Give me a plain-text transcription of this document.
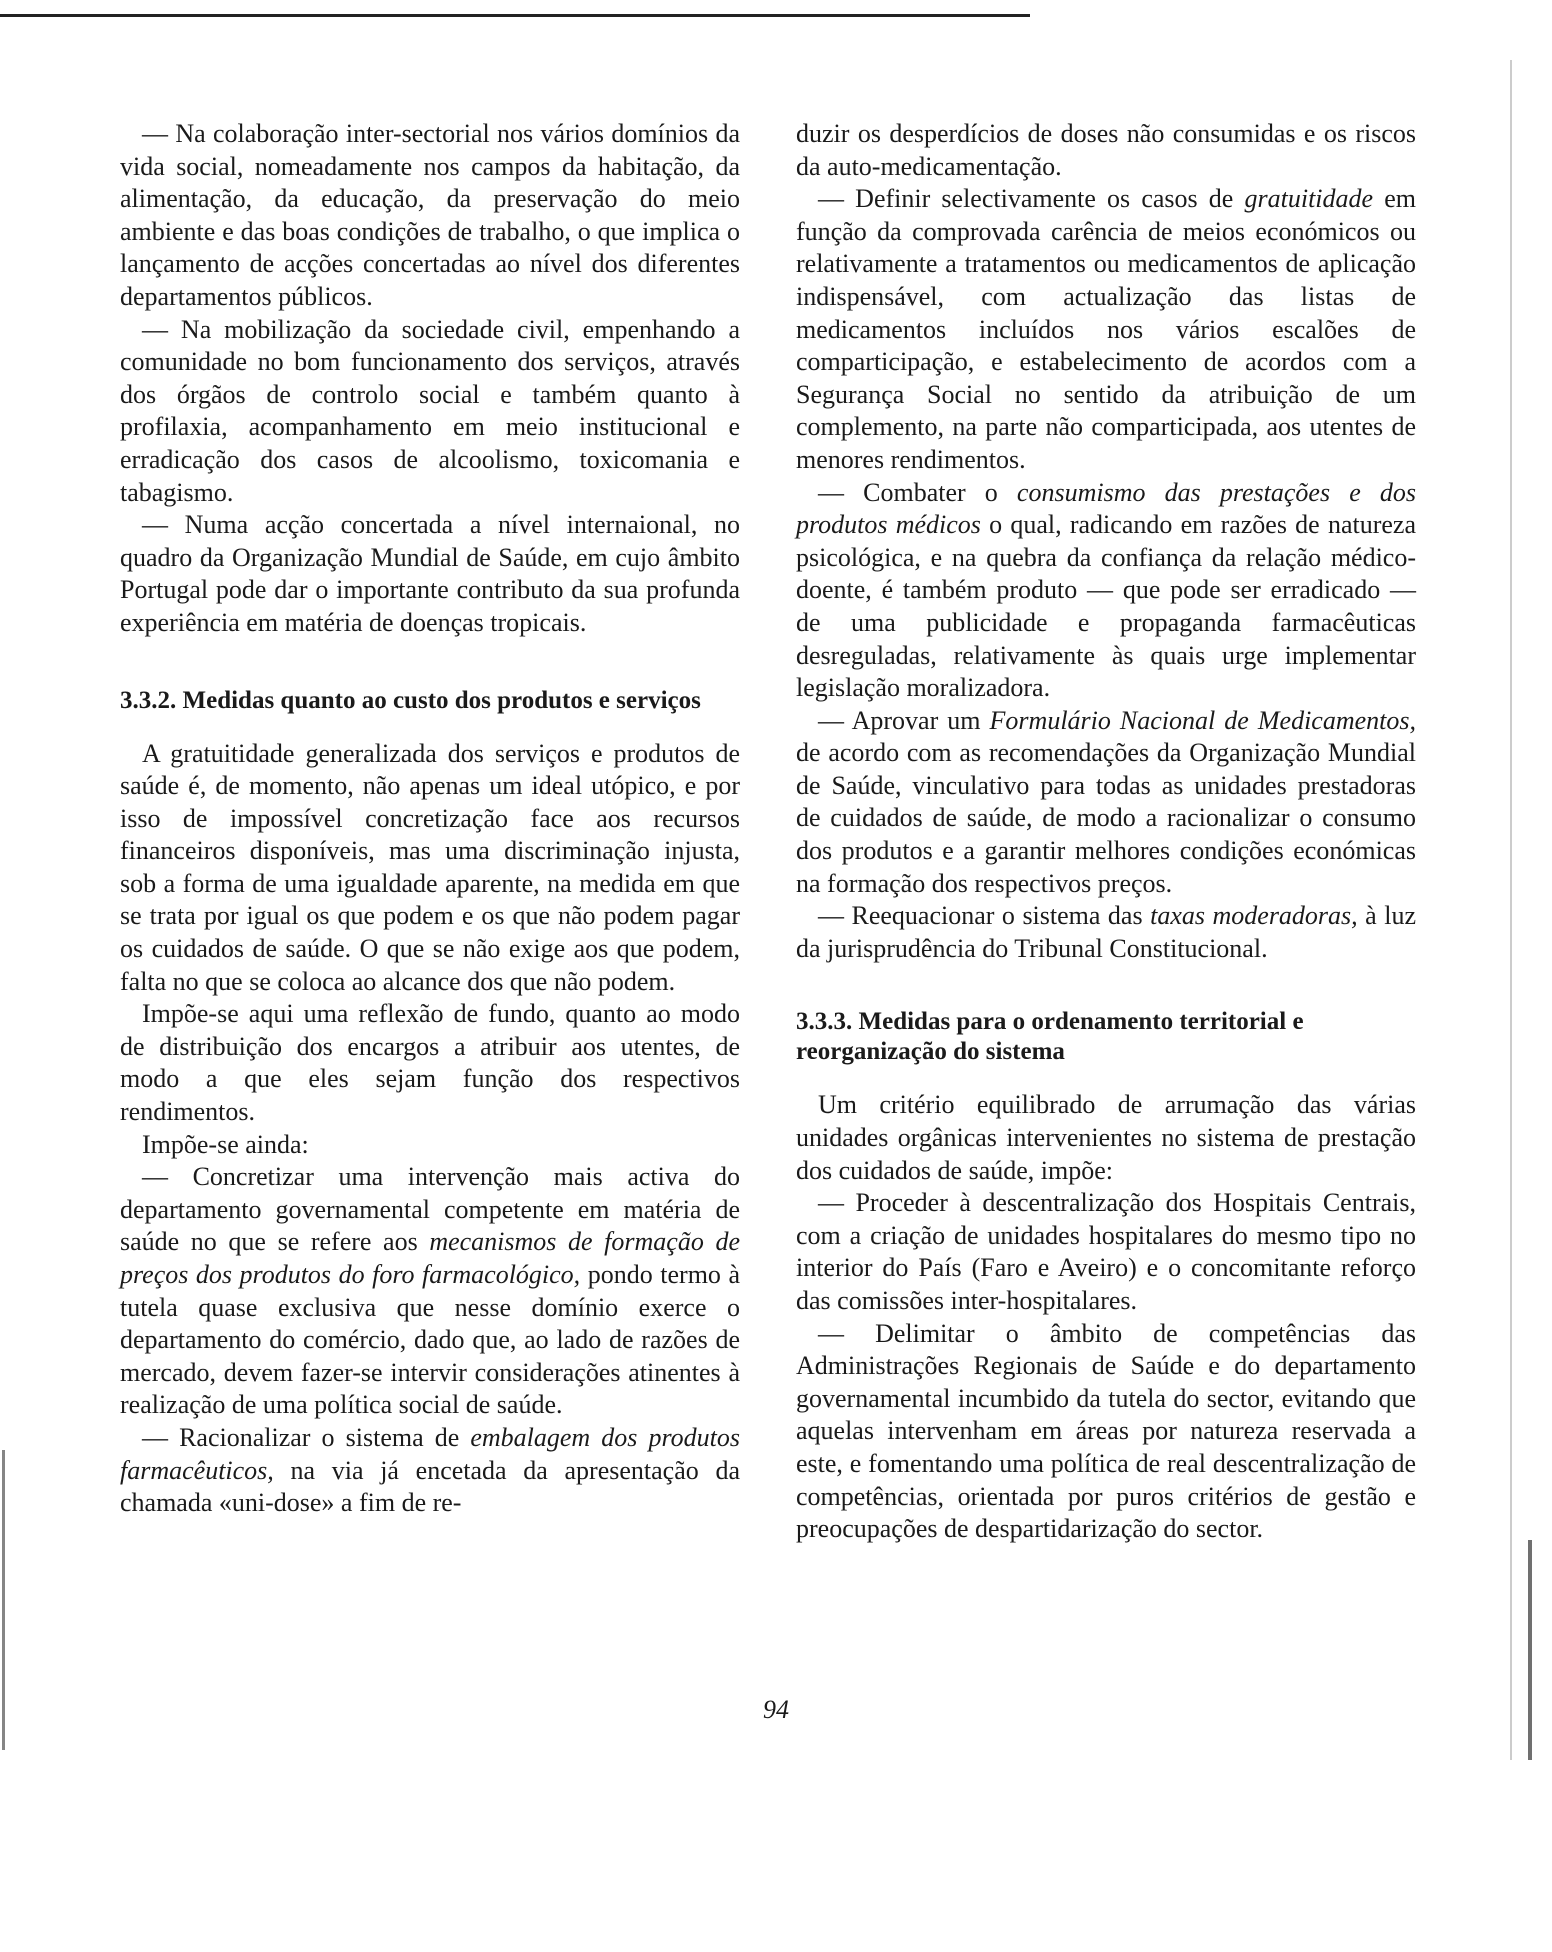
— Na colaboração inter-sectorial nos vários domínios da vida social, nomeadamente nos campos da habitação, da alimentação, da educação, da preservação do meio ambiente e das boas condições de trabalho, o que implica o lançamento de acções concertadas ao nível dos diferentes departamentos públicos.

— Na mobilização da sociedade civil, empenhando a comunidade no bom funcionamento dos serviços, através dos órgãos de controlo social e também quanto à profilaxia, acompanhamento em meio institucional e erradicação dos casos de alcoolismo, toxicomania e tabagismo.

— Numa acção concertada a nível internaional, no quadro da Organização Mundial de Saúde, em cujo âmbito Portugal pode dar o importante contributo da sua profunda experiência em matéria de doenças tropicais.

3.3.2. Medidas quanto ao custo dos produtos e serviços

A gratuitidade generalizada dos serviços e produtos de saúde é, de momento, não apenas um ideal utópico, e por isso de impossível concretização face aos recursos financeiros disponíveis, mas uma discriminação injusta, sob a forma de uma igualdade aparente, na medida em que se trata por igual os que podem e os que não podem pagar os cuidados de saúde. O que se não exige aos que podem, falta no que se coloca ao alcance dos que não podem.

Impõe-se aqui uma reflexão de fundo, quanto ao modo de distribuição dos encargos a atribuir aos utentes, de modo a que eles sejam função dos respectivos rendimentos.

Impõe-se ainda:

— Concretizar uma intervenção mais activa do departamento governamental competente em matéria de saúde no que se refere aos mecanismos de formação de preços dos produtos do foro farmacológico, pondo termo à tutela quase exclusiva que nesse domínio exerce o departamento do comércio, dado que, ao lado de razões de mercado, devem fazer-se intervir considerações atinentes à realização de uma política social de saúde.

— Racionalizar o sistema de embalagem dos produtos farmacêuticos, na via já encetada da apresentação da chamada «uni-dose» a fim de re-

duzir os desperdícios de doses não consumidas e os riscos da auto-medicamentação.

— Definir selectivamente os casos de gratuitidade em função da comprovada carência de meios económicos ou relativamente a tratamentos ou medicamentos de aplicação indispensável, com actualização das listas de medicamentos incluídos nos vários escalões de comparticipação, e estabelecimento de acordos com a Segurança Social no sentido da atribuição de um complemento, na parte não comparticipada, aos utentes de menores rendimentos.

— Combater o consumismo das prestações e dos produtos médicos o qual, radicando em razões de natureza psicológica, e na quebra da confiança da relação médico-doente, é também produto — que pode ser erradicado — de uma publicidade e propaganda farmacêuticas desreguladas, relativamente às quais urge implementar legislação moralizadora.

— Aprovar um Formulário Nacional de Medicamentos, de acordo com as recomendações da Organização Mundial de Saúde, vinculativo para todas as unidades prestadoras de cuidados de saúde, de modo a racionalizar o consumo dos produtos e a garantir melhores condições económicas na formação dos respectivos preços.

— Reequacionar o sistema das taxas moderadoras, à luz da jurisprudência do Tribunal Constitucional.

3.3.3. Medidas para o ordenamento territorial e reorganização do sistema

Um critério equilibrado de arrumação das várias unidades orgânicas intervenientes no sistema de prestação dos cuidados de saúde, impõe:

— Proceder à descentralização dos Hospitais Centrais, com a criação de unidades hospitalares do mesmo tipo no interior do País (Faro e Aveiro) e o concomitante reforço das comissões inter-hospitalares.

— Delimitar o âmbito de competências das Administrações Regionais de Saúde e do departamento governamental incumbido da tutela do sector, evitando que aquelas intervenham em áreas por natureza reservada a este, e fomentando uma política de real descentralização de competências, orientada por puros critérios de gestão e preocupações de despartidarização do sector.

94
